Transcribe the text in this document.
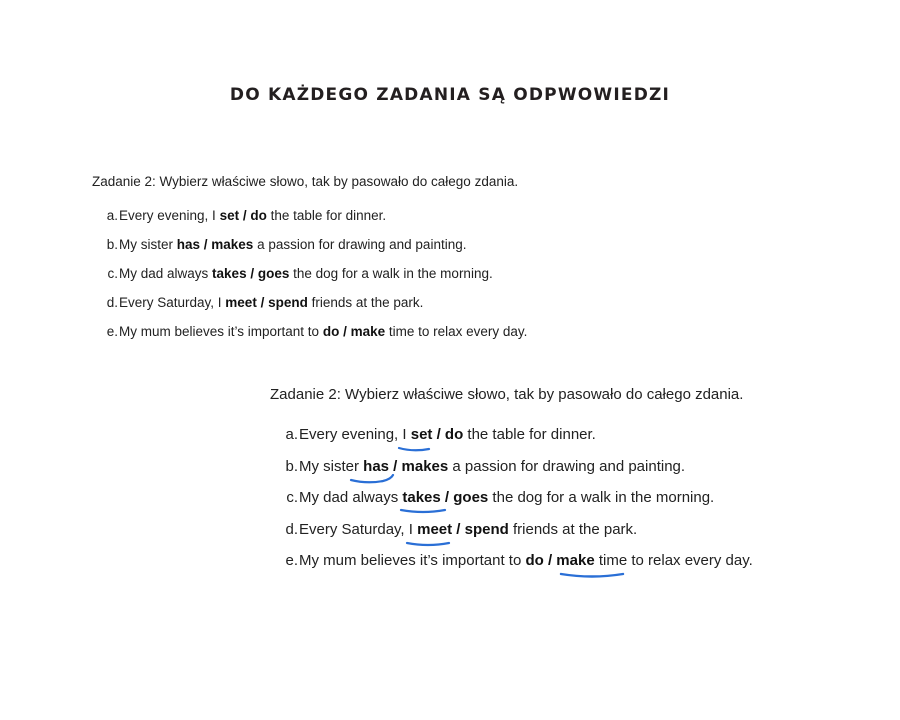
DO KAŻDEGO ZADANIA SĄ ODPWOWIEDZI
Zadanie 2: Wybierz właściwe słowo, tak by pasowało do całego zdania.
a.Every evening, I set / do the table for dinner.
b.My sister has / makes a passion for drawing and painting.
c.My dad always takes / goes the dog for a walk in the morning.
d.Every Saturday, I meet / spend friends at the park.
e.My mum believes it’s important to do / make time to relax every day.
Zadanie 2: Wybierz właściwe słowo, tak by pasowało do całego zdania.
a.Every evening, I set / do the table for dinner.
b.My sister has / makes a passion for drawing and painting.
c.My dad always takes / goes the dog for a walk in the morning.
d.Every Saturday, I meet / spend friends at the park.
e.My mum believes it’s important to do / make time to relax every day.
